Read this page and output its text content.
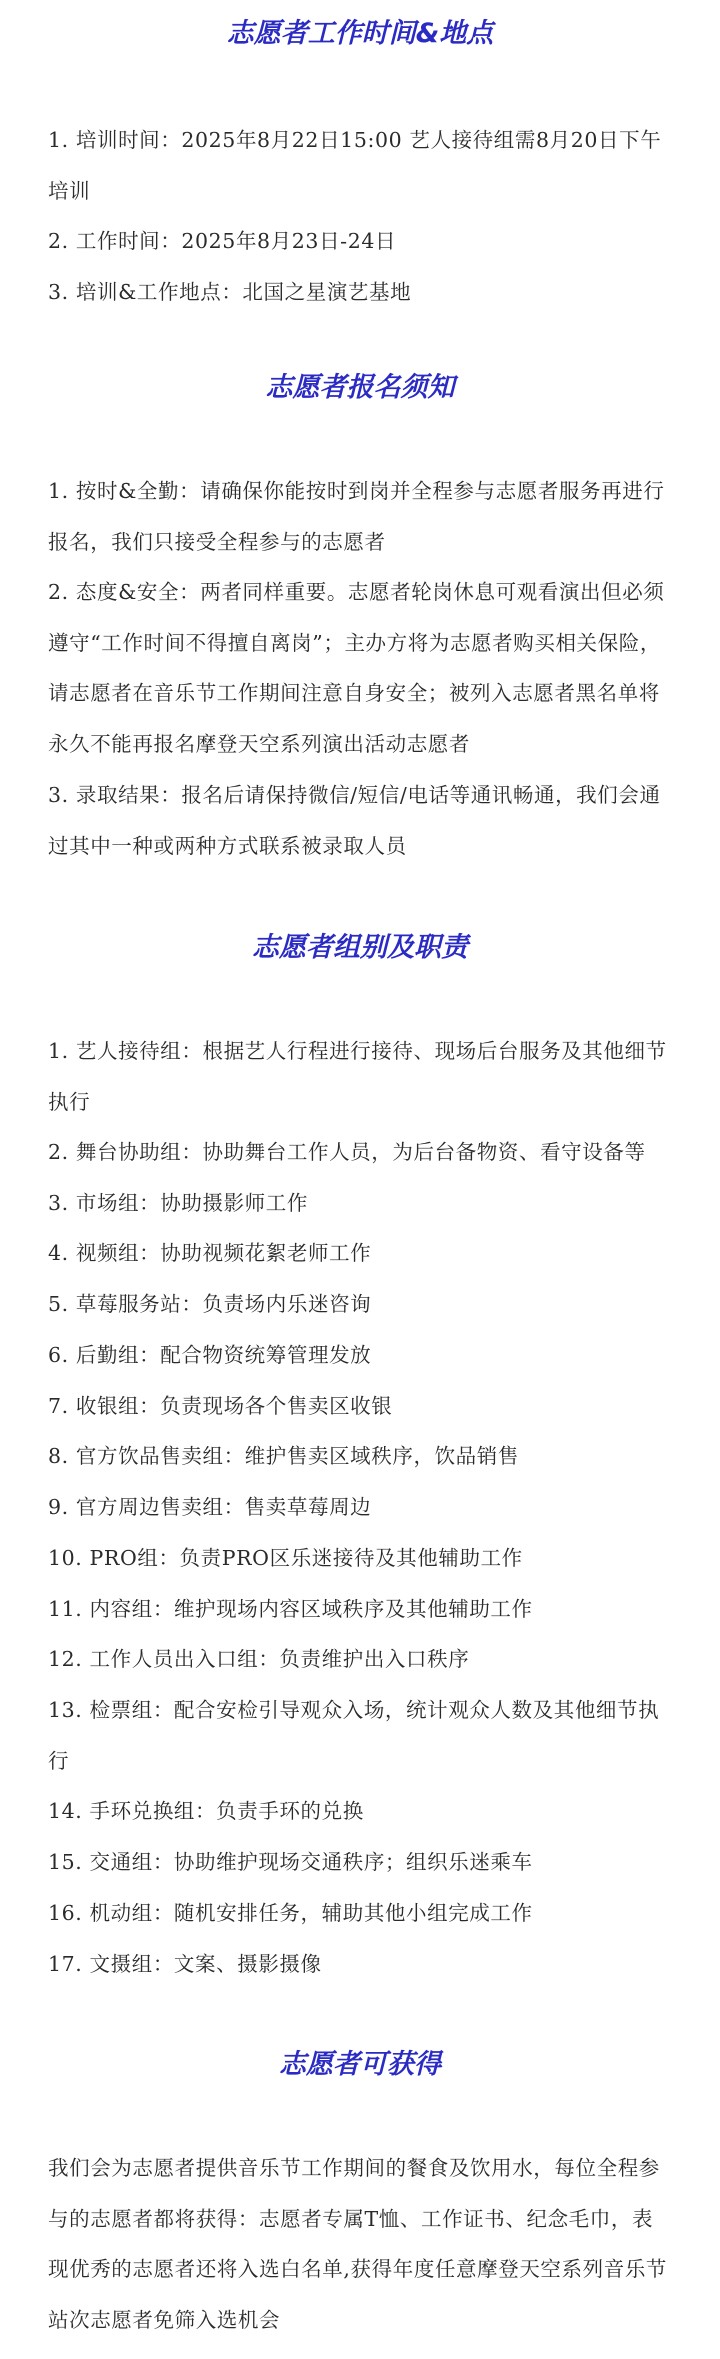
志愿者工作时间&地点

1. 培训时间：2025年8月22日15:00 艺人接待组需8月20日下午培训

2. 工作时间：2025年8月23日-24日

3. 培训&工作地点：北国之星演艺基地

志愿者报名须知

1. 按时&全勤：请确保你能按时到岗并全程参与志愿者服务再进行报名，我们只接受全程参与的志愿者

2. 态度&安全：两者同样重要。志愿者轮岗休息可观看演出但必须遵守“工作时间不得擅自离岗”；主办方将为志愿者购买相关保险，请志愿者在音乐节工作期间注意自身安全；被列入志愿者黑名单将永久不能再报名摩登天空系列演出活动志愿者

3. 录取结果：报名后请保持微信/短信/电话等通讯畅通，我们会通过其中一种或两种方式联系被录取人员

志愿者组别及职责

1. 艺人接待组：根据艺人行程进行接待、现场后台服务及其他细节执行

2. 舞台协助组：协助舞台工作人员，为后台备物资、看守设备等

3. 市场组：协助摄影师工作

4. 视频组：协助视频花絮老师工作

5. 草莓服务站：负责场内乐迷咨询

6. 后勤组：配合物资统筹管理发放

7. 收银组：负责现场各个售卖区收银

8. 官方饮品售卖组：维护售卖区域秩序，饮品销售

9. 官方周边售卖组：售卖草莓周边

10. PRO组：负责PRO区乐迷接待及其他辅助工作

11. 内容组：维护现场内容区域秩序及其他辅助工作

12. 工作人员出入口组：负责维护出入口秩序

13. 检票组：配合安检引导观众入场，统计观众人数及其他细节执行

14. 手环兑换组：负责手环的兑换

15. 交通组：协助维护现场交通秩序；组织乐迷乘车

16. 机动组：随机安排任务，辅助其他小组完成工作

17. 文摄组：文案、摄影摄像

志愿者可获得

我们会为志愿者提供音乐节工作期间的餐食及饮用水，每位全程参与的志愿者都将获得：志愿者专属T恤、工作证书、纪念毛巾，表现优秀的志愿者还将入选白名单,获得年度任意摩登天空系列音乐节站次志愿者免筛入选机会
